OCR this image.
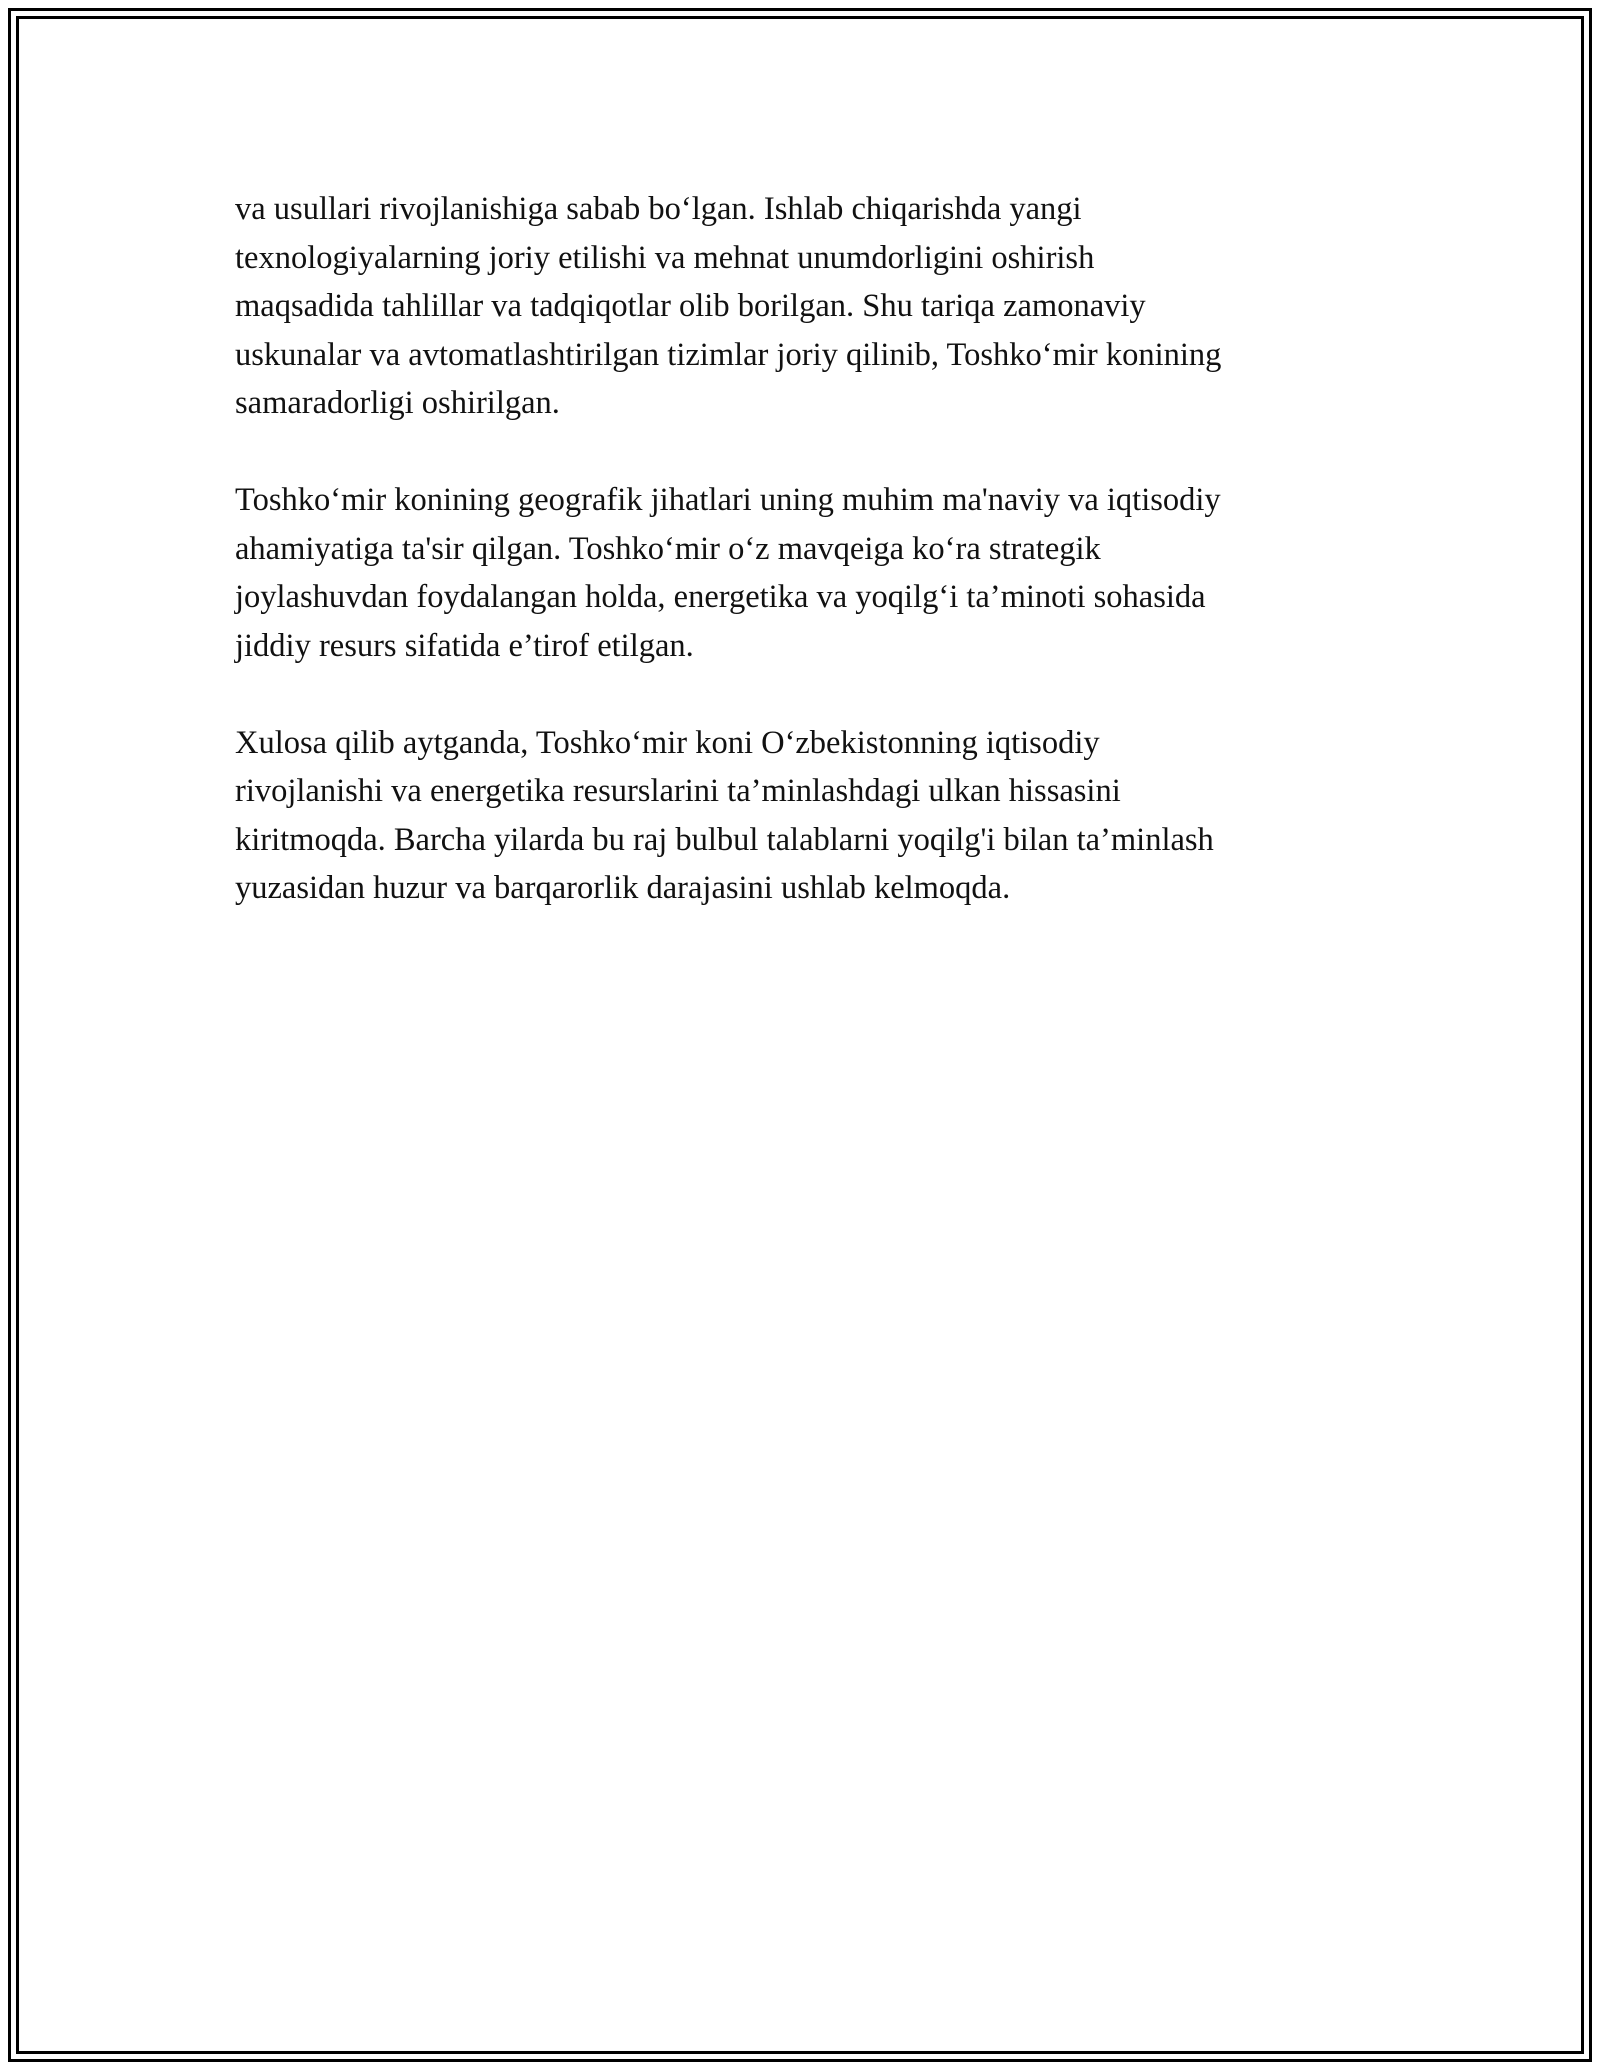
va usullari rivojlanishiga sabab bo‘lgan. Ishlab chiqarishda yangi
texnologiyalarning joriy etilishi va mehnat unumdorligini oshirish
maqsadida tahlillar va tadqiqotlar olib borilgan. Shu tariqa zamonaviy
uskunalar va avtomatlashtirilgan tizimlar joriy qilinib, Toshko‘mir konining
samaradorligi oshirilgan.

Toshko‘mir konining geografik jihatlari uning muhim ma'naviy va iqtisodiy
ahamiyatiga ta'sir qilgan. Toshko‘mir o‘z mavqeiga ko‘ra strategik
joylashuvdan foydalangan holda, energetika va yoqilg‘i ta’minoti sohasida
jiddiy resurs sifatida e’tirof etilgan.

Xulosa qilib aytganda, Toshko‘mir koni O‘zbekistonning iqtisodiy
rivojlanishi va energetika resurslarini ta’minlashdagi ulkan hissasini
kiritmoqda. Barcha yilarda bu raj bulbul talablarni yoqilg'i bilan ta’minlash
yuzasidan huzur va barqarorlik darajasini ushlab kelmoqda.
